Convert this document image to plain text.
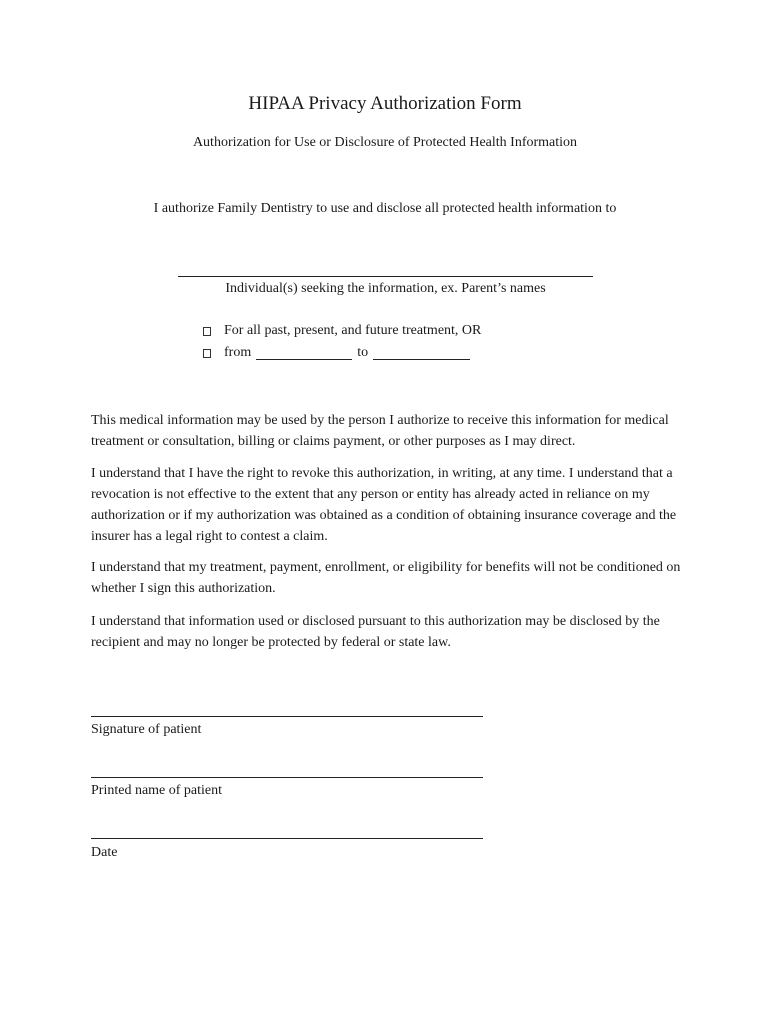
HIPAA Privacy Authorization Form
Authorization for Use or Disclosure of Protected Health Information
I authorize Family Dentistry to use and disclose all protected health information to
Individual(s) seeking the information, ex. Parent’s names
For all past, present, and future treatment, OR
from	to

This medical information may be used by the person I authorize to receive this information for medical treatment or consultation, billing or claims payment, or other purposes as I may direct.

I understand that I have the right to revoke this authorization, in writing, at any time. I understand that a revocation is not effective to the extent that any person or entity has already acted in reliance on my authorization or if my authorization was obtained as a condition of obtaining insurance coverage and the insurer has a legal right to contest a claim.

I understand that my treatment, payment, enrollment, or eligibility for benefits will not be conditioned on whether I sign this authorization.

I understand that information used or disclosed pursuant to this authorization may be disclosed by the recipient and may no longer be protected by federal or state law.

Signature of patient
Printed name of patient
Date
